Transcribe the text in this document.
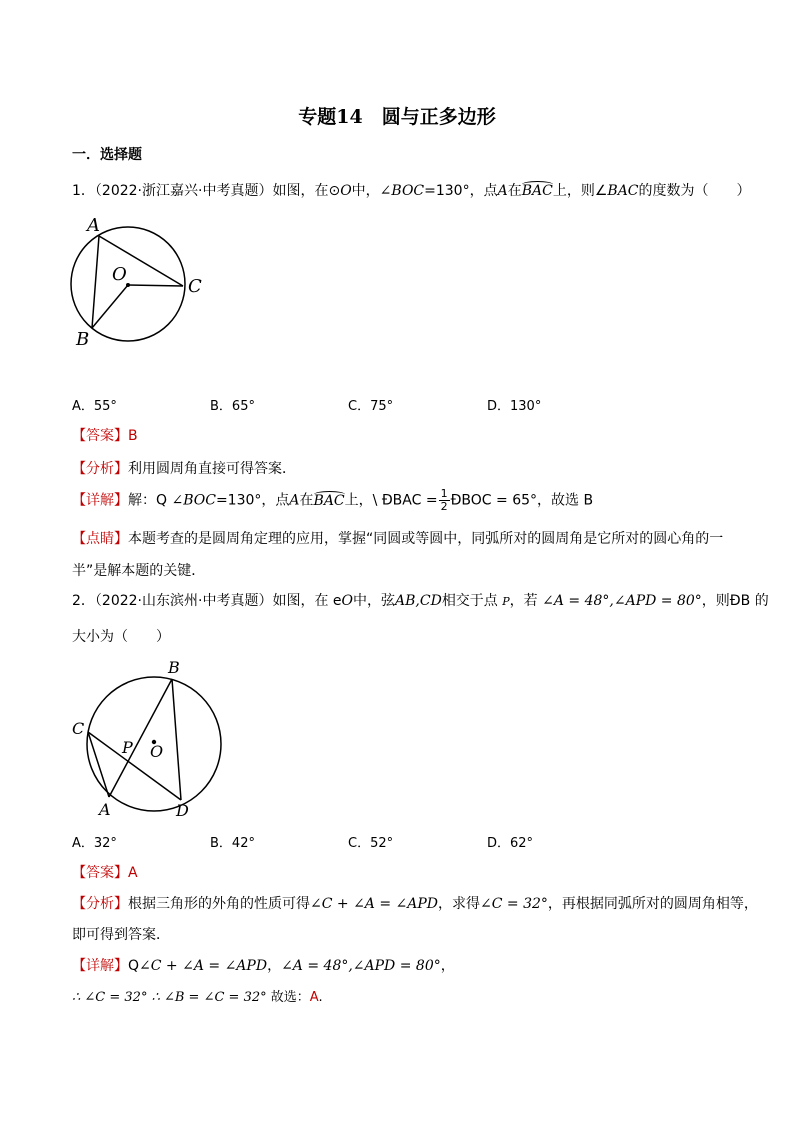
专题14　圆与正多边形
一．选择题
1．（2022·浙江嘉兴·中考真题）如图，在⊙O中，∠BOC=130°，点A在BAC上，则∠BAC的度数为（　　）
A
O
C
B
A．55°	B．65°	C．75°	D．130°
【答案】B
【分析】利用圆周角直接可得答案．
【详解】解：Q ∠BOC=130°，点A在BAC上，\ ÐBAC = $\frac{1}{2}$ ÐBOC = 65°，故选 B
【点睛】本题考查的是圆周角定理的应用，掌握“同圆或等圆中，同弧所对的圆周角是它所对的圆心角的一
半”是解本题的关键．
2．（2022·山东滨州·中考真题）如图，在 eO中，弦AB,CD相交于点 P，若 ∠A = 48°,∠APD = 80°，则ÐB 的
大小为（　　）
B
C
P O
A	D
A．32°	B．42°	C．52°	D．62°
【答案】A
【分析】根据三角形的外角的性质可得∠C + ∠A = ∠APD，求得∠C = 32°，再根据同弧所对的圆周角相等，
即可得到答案．
【详解】Q∠C + ∠A = ∠APD，∠A = 48°,∠APD = 80°，
∴ ∠C = 32° ∴ ∠B = ∠C = 32° 故选：A.
